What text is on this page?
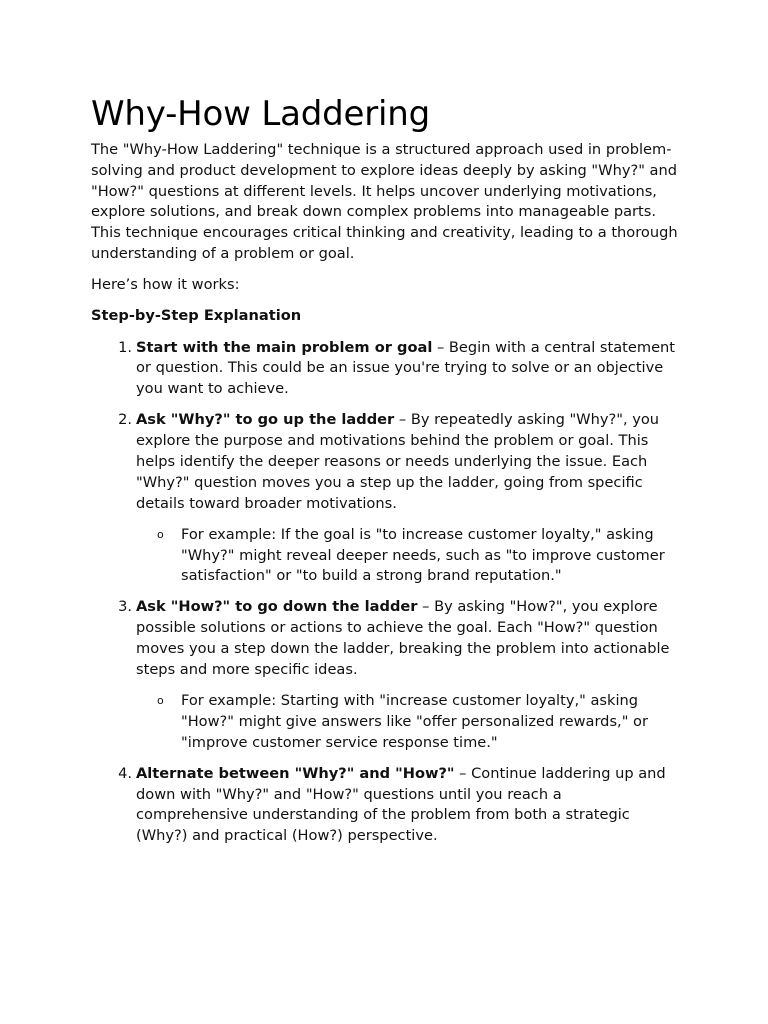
Why-How Laddering

The "Why-How Laddering" technique is a structured approach used in problem-solving and product development to explore ideas deeply by asking "Why?" and "How?" questions at different levels. It helps uncover underlying motivations, explore solutions, and break down complex problems into manageable parts. This technique encourages critical thinking and creativity, leading to a thorough understanding of a problem or goal.

Here’s how it works:

Step-by-Step Explanation

1. Start with the main problem or goal – Begin with a central statement or question. This could be an issue you're trying to solve or an objective you want to achieve.
2. Ask "Why?" to go up the ladder – By repeatedly asking "Why?", you explore the purpose and motivations behind the problem or goal. This helps identify the deeper reasons or needs underlying the issue. Each "Why?" question moves you a step up the ladder, going from specific details toward broader motivations.
o For example: If the goal is "to increase customer loyalty," asking "Why?" might reveal deeper needs, such as "to improve customer satisfaction" or "to build a strong brand reputation."
3. Ask "How?" to go down the ladder – By asking "How?", you explore possible solutions or actions to achieve the goal. Each "How?" question moves you a step down the ladder, breaking the problem into actionable steps and more specific ideas.
o For example: Starting with "increase customer loyalty," asking "How?" might give answers like "offer personalized rewards," or "improve customer service response time."
4. Alternate between "Why?" and "How?" – Continue laddering up and down with "Why?" and "How?" questions until you reach a comprehensive understanding of the problem from both a strategic (Why?) and practical (How?) perspective.
